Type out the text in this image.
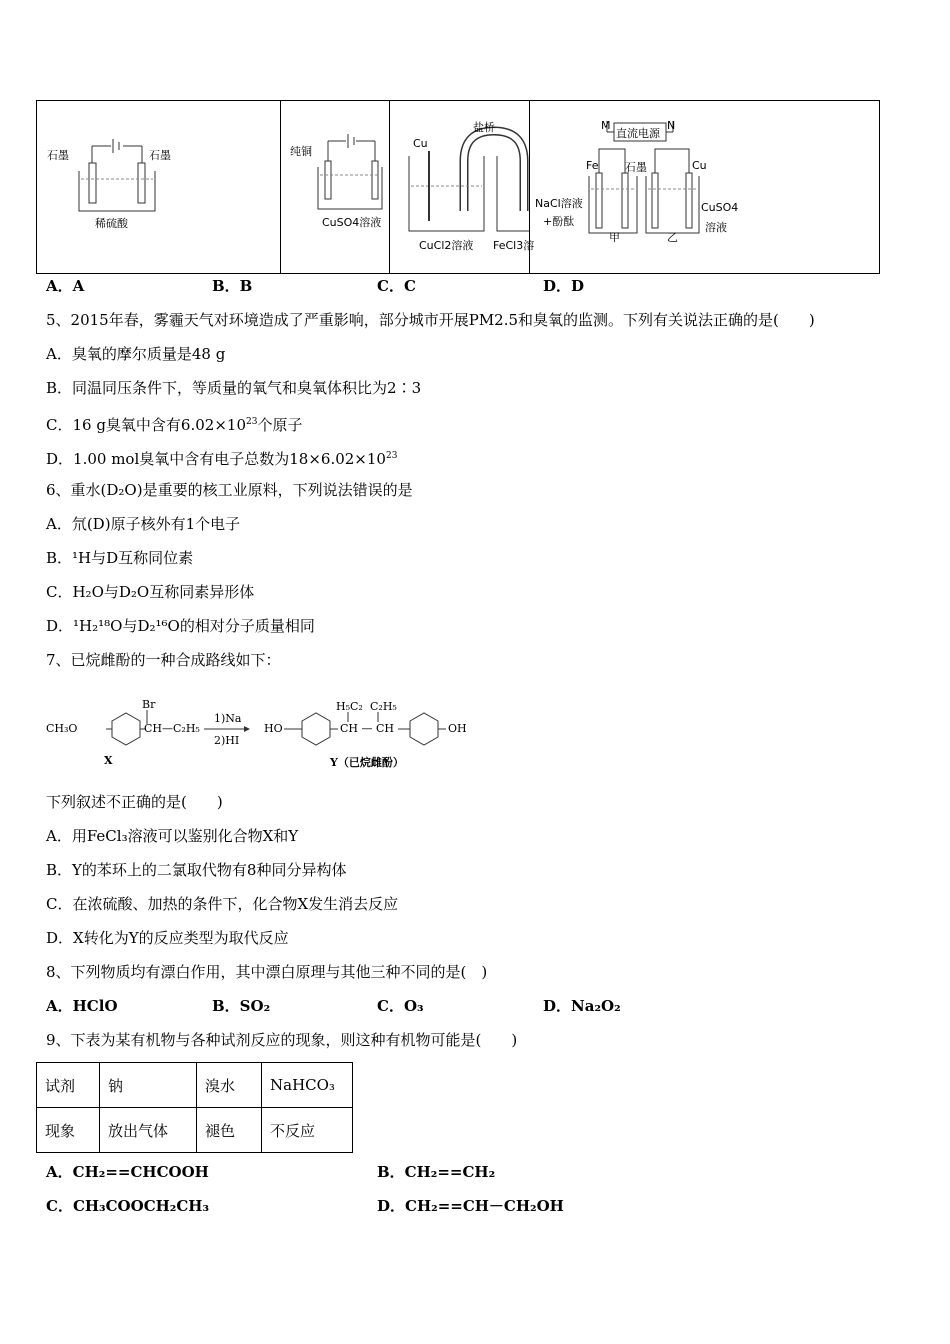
石墨	石墨
稀硫酸
纯铜
CuSO4溶液
Cu
盐桥
CuCl2溶液 FeCl3溶
M
直流电源
N
Fe 石墨	Cu
NaCl溶液
+酚酞
CuSO4
溶液
甲	乙
A．A	B．B	C．C	D．D
5、2015年春，雾霾天气对环境造成了严重影响，部分城市开展PM2.5和臭氧的监测。下列有关说法正确的是(　　)
A．臭氧的摩尔质量是48 g
B．同温同压条件下，等质量的氧气和臭氧体积比为2∶3
C．16 g臭氧中含有$6.02\times 10^{23}$个原子
D．1.00 mol臭氧中含有电子总数为$18\times 6.02\times 10^{23}$
6、重水(D₂O)是重要的核工业原料，下列说法错误的是
A．氘(D)原子核外有1个电子
B．¹H与D互称同位素
C．H₂O与D₂O互称同素异形体
D．¹H₂¹⁸O与D₂¹⁶O的相对分子质量相同
7、已烷雌酚的一种合成路线如下：
CH₃O
Br
CH—C₂H₅
1)Na
2)HI
HO
H₅C₂ C₂H₅
CH — CH	OH
X	Y（已烷雌酚）
下列叙述不正确的是(　　)
A．用FeCl₃溶液可以鉴别化合物X和Y
B．Y的苯环上的二氯取代物有8种同分异构体
C．在浓硫酸、加热的条件下，化合物X发生消去反应
D．X转化为Y的反应类型为取代反应
8、下列物质均有漂白作用，其中漂白原理与其他三种不同的是(　)
A．HClO	B．SO₂	C．O₃	D．Na₂O₂
9、下表为某有机物与各种试剂反应的现象，则这种有机物可能是(　　)
试剂	钠	溴水	NaHCO₃
现象	放出气体	褪色	不反应
A．CH₂==CHCOOH	B．CH₂==CH₂
C．CH₃COOCH₂CH₃	D．CH₂==CH－CH₂OH
